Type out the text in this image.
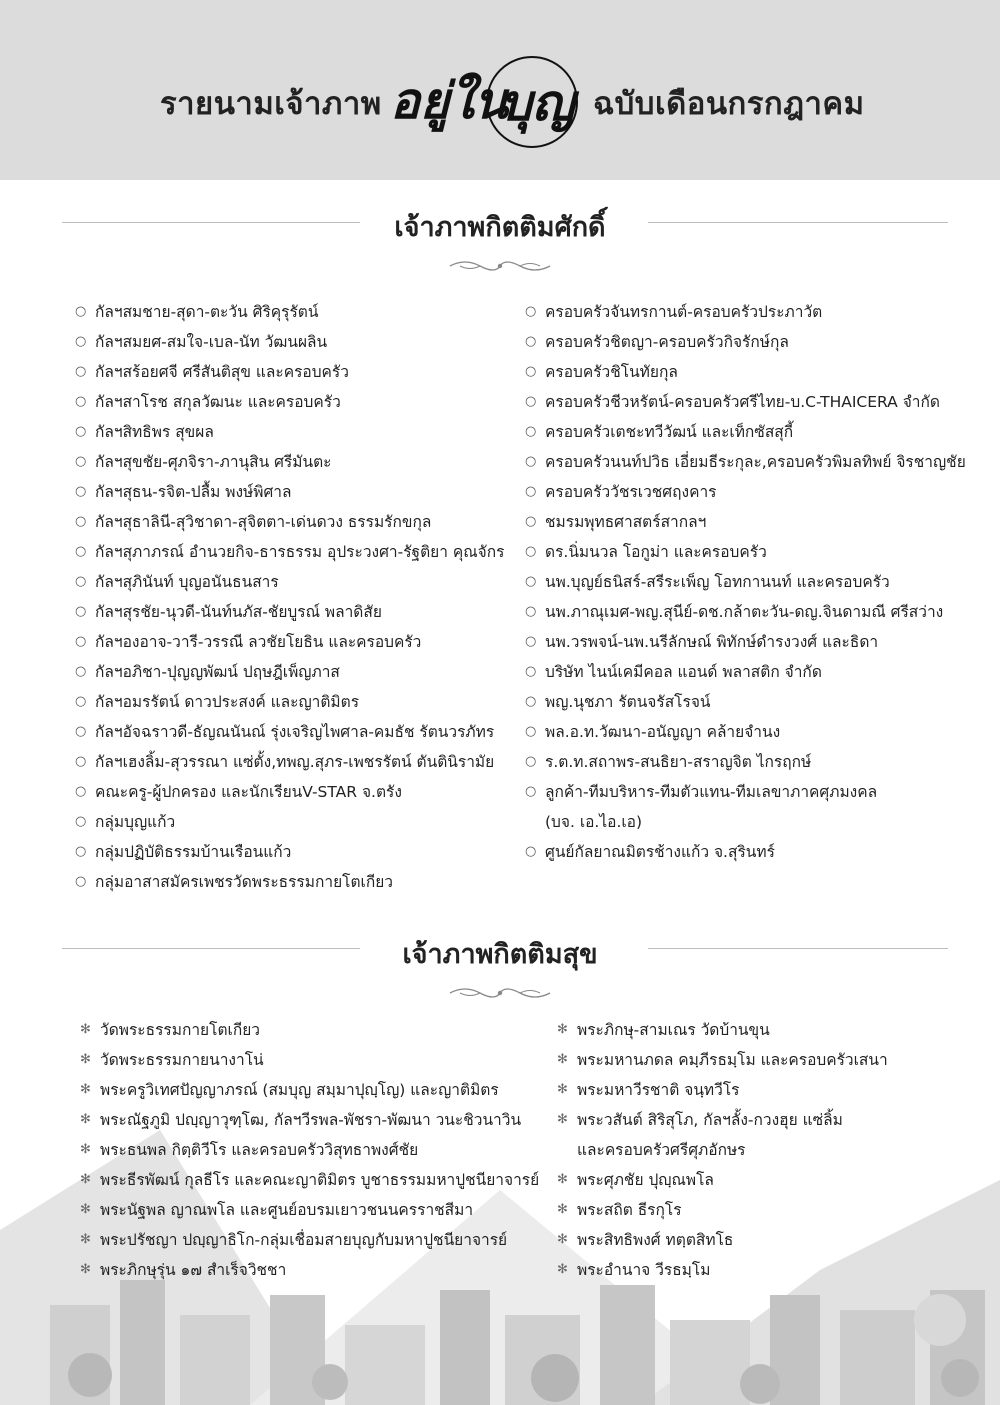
รายนามเจ้าภาพ อยู่ใน
บุญ ฉบับเดือนกรกฎาคม
เจ้าภาพกิตติมศักดิ์
○ กัลฯสมชาย-สุดา-ตะวัน ศิริคุรุรัตน์
○ กัลฯสมยศ-สมใจ-เบล-นัท วัฒนผลิน
○ กัลฯสร้อยศจี ศรีสันติสุข และครอบครัว
○ กัลฯสาโรช สกุลวัฒนะ และครอบครัว
○ กัลฯสิทธิพร สุขผล
○ กัลฯสุขชัย-ศุภจิรา-ภานุสิน ศรีมันตะ
○ กัลฯสุธน-รจิต-ปลื้ม พงษ์พิศาล
○ กัลฯสุธาลินี-สุวิชาดา-สุจิตตา-เด่นดวง ธรรมรักขกุล
○ กัลฯสุภาภรณ์ อำนวยกิจ-ธารธรรม อุประวงศา-รัฐติยา คุณจักร
○ กัลฯสุภินันท์ บุญอนันธนสาร
○ กัลฯสุรชัย-นุวดี-นันท์นภัส-ชัยบูรณ์ พลาดิสัย
○ กัลฯองอาจ-วารี-วรรณี ลวชัยโยธิน และครอบครัว
○ กัลฯอภิชา-ปุญญพัฒน์ ปฤษฎีเพ็ญภาส
○ กัลฯอมรรัตน์ ดาวประสงค์ และญาติมิตร
○ กัลฯอัจฉราวดี-ธัญณนันณ์ รุ่งเจริญไพศาล-คมธัช รัตนวรภัทร
○ กัลฯเฮงลิ้ม-สุวรรณา แซ่ตั้ง,ทพญ.สุภร-เพชรรัตน์ ตันตินิรามัย
○ คณะครู-ผู้ปกครอง และนักเรียนV-STAR จ.ตรัง
○ กลุ่มบุญแก้ว
○ กลุ่มปฏิบัติธรรมบ้านเรือนแก้ว
○ กลุ่มอาสาสมัครเพชรวัดพระธรรมกายโตเกียว
○ ครอบครัวจันทรกานต์-ครอบครัวประภาวัต
○ ครอบครัวชิตญา-ครอบครัวกิจรักษ์กุล
○ ครอบครัวชิโนทัยกุล
○ ครอบครัวชีวหรัตน์-ครอบครัวศรีไทย-บ.C-THAICERA จำกัด
○ ครอบครัวเตชะทวีวัฒน์ และเท็กซัสสุกี้
○ ครอบครัวนนท์ปวิธ เอี่ยมธีระกุละ,ครอบครัวพิมลทิพย์ จิรชาญชัย
○ ครอบครัววัชรเวชศฤงคาร
○ ชมรมพุทธศาสตร์สากลฯ
○ ดร.นิ่มนวล โอกูม่า และครอบครัว
○ นพ.บุญย์ธนิสร์-สรีระเพ็ญ โอทกานนท์ และครอบครัว
○ นพ.ภาณุเมศ-พญ.สุนีย์-ดช.กล้าตะวัน-ดญ.จินดามณี ศรีสว่าง
○ นพ.วรพจน์-นพ.นรีลักษณ์ พิทักษ์ดำรงวงศ์ และธิดา
○ บริษัท ไนน์เคมีคอล แอนด์ พลาสติก จำกัด
○ พญ.นุชภา รัตนจรัสโรจน์
○ พล.อ.ท.วัฒนา-อนัญญา คล้ายจำนง
○ ร.ต.ท.สถาพร-สนธิยา-สราญจิต ไกรฤกษ์
○ ลูกค้า-ทีมบริหาร-ทีมตัวแทน-ทีมเลขาภาคศุภมงคล
(บจ. เอ.ไอ.เอ)
○ ศูนย์กัลยาณมิตรช้างแก้ว จ.สุรินทร์
เจ้าภาพกิตติมสุข
✻ วัดพระธรรมกายโตเกียว
✻ วัดพระธรรมกายนางาโน่
✻ พระครูวิเทศปัญญาภรณ์ (สมบุญ สมฺมาปุญฺโญ) และญาติมิตร
✻ พระณัฐภูมิ ปญฺญาวุฑฺโฒ, กัลฯวีรพล-พัชรา-พัฒนา วนะชิวนาวิน
✻ พระธนพล กิตฺติวีโร และครอบครัววิสุทธาพงศ์ชัย
✻ พระธีรพัฒน์ กุลธีโร และคณะญาติมิตร บูชาธรรมมหาปูชนียาจารย์
✻ พระนัฐพล ญาณพโล และศูนย์อบรมเยาวชนนครราชสีมา
✻ พระปรัชญา ปญฺญาธิโก-กลุ่มเชื่อมสายบุญกับมหาปูชนียาจารย์
✻ พระภิกษุรุ่น ๑๗ สำเร็จวิชชา
✻ พระภิกษุ-สามเณร วัดบ้านขุน
✻ พระมหานภดล คมฺภีรธมฺโม และครอบครัวเสนา
✻ พระมหาวีรชาติ จนฺทวีโร
✻ พระวสันต์ สิริสุโภ, กัลฯลั้ง-กวงฮุย แซ่ลิ้ม
และครอบครัวศรีศุภอักษร
✻ พระศุภชัย ปุญฺณพโล
✻ พระสถิต ธีรกุโร
✻ พระสิทธิพงศ์ ทตฺตสิทโธ
✻ พระอำนาจ วีรธมฺโม
